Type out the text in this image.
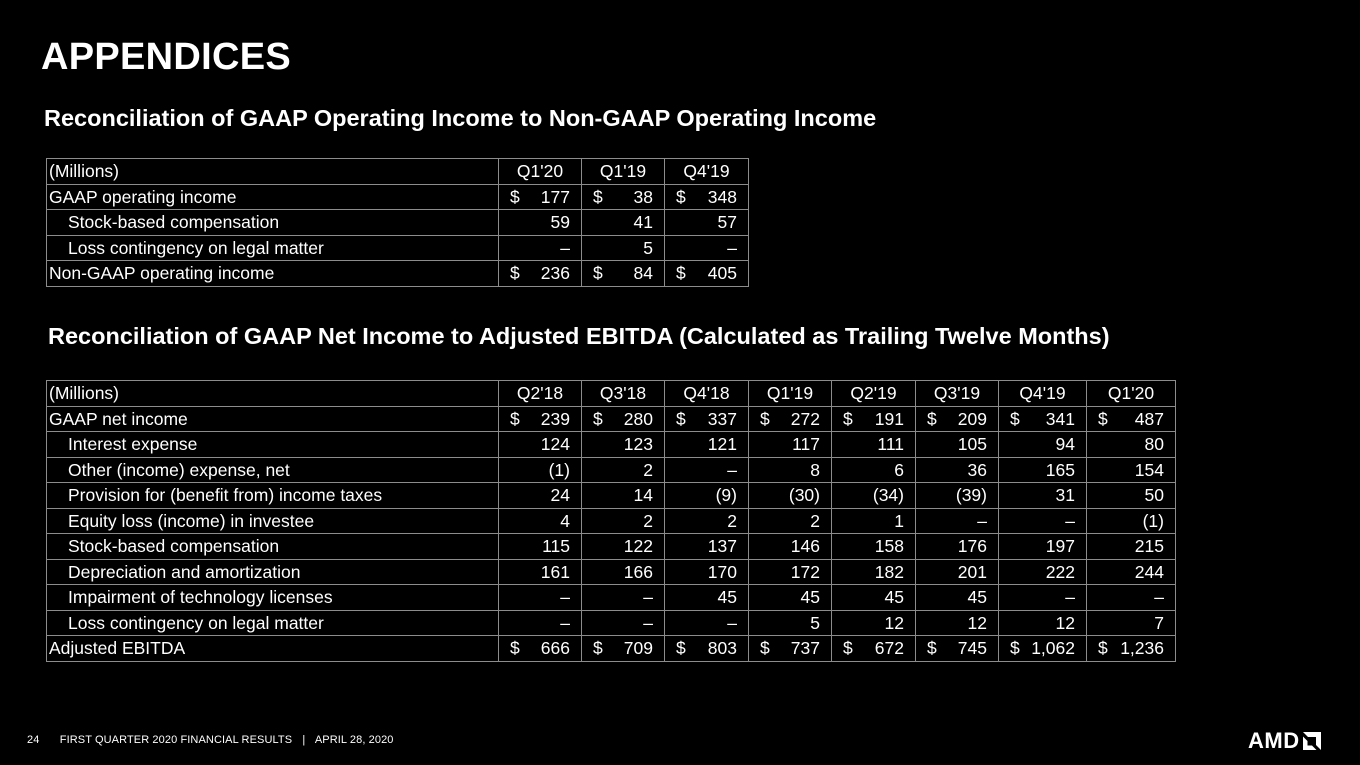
APPENDICES
Reconciliation of GAAP Operating Income to Non-GAAP Operating Income
(Millions)	Q1'20	Q1'19	Q4'19
GAAP operating income	$ 177	$ 38	$ 348
Stock-based compensation	59	41	57
Loss contingency on legal matter	–	5	–
Non-GAAP operating income	$ 236	$ 84	$ 405
Reconciliation of GAAP Net Income to Adjusted EBITDA (Calculated as Trailing Twelve Months)
(Millions)	Q2'18	Q3'18	Q4'18	Q1'19	Q2'19	Q3'19	Q4'19	Q1'20
GAAP net income	$ 239	$ 280	$ 337	$ 272	$ 191	$ 209	$ 341	$ 487
Interest expense	124	123	121	117	111	105	94	80
Other (income) expense, net	(1)	2	–	8	6	36	165	154
Provision for (benefit from) income taxes	24	14	(9)	(30)	(34)	(39)	31	50
Equity loss (income) in investee	4	2	2	2	1	–	–	(1)
Stock-based compensation	115	122	137	146	158	176	197	215
Depreciation and amortization	161	166	170	172	182	201	222	244
Impairment of technology licenses	–	–	45	45	45	45	–	–
Loss contingency on legal matter	–	–	–	5	12	12	12	7
Adjusted EBITDA	$ 666	$ 709	$ 803	$ 737	$ 672	$ 745	$ 1,062	$ 1,236
24 FIRST QUARTER 2020 FINANCIAL RESULTS | APRIL 28, 2020	AMD
